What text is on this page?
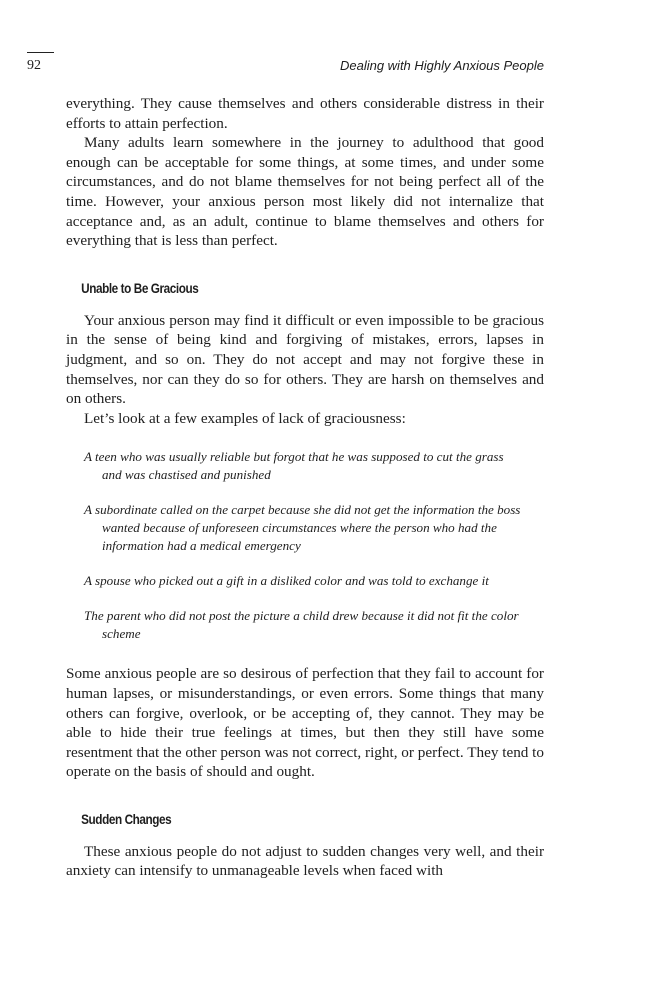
92	Dealing with Highly Anxious People

everything. They cause themselves and others considerable distress in their efforts to attain perfection.

Many adults learn somewhere in the journey to adulthood that good enough can be acceptable for some things, at some times, and under some circumstances, and do not blame themselves for not being perfect all of the time. However, your anxious person most likely did not internalize that acceptance and, as an adult, continue to blame themselves and others for everything that is less than perfect.

Unable to Be Gracious

Your anxious person may find it difficult or even impossible to be gracious in the sense of being kind and forgiving of mistakes, errors, lapses in judgment, and so on. They do not accept and may not forgive these in themselves, nor can they do so for others. They are harsh on themselves and on others.

Let’s look at a few examples of lack of graciousness:

A teen who was usually reliable but forgot that he was supposed to cut the grass and was chastised and punished
A subordinate called on the carpet because she did not get the information the boss wanted because of unforeseen circumstances where the person who had the information had a medical emergency
A spouse who picked out a gift in a disliked color and was told to exchange it
The parent who did not post the picture a child drew because it did not fit the color scheme

Some anxious people are so desirous of perfection that they fail to account for human lapses, or misunderstandings, or even errors. Some things that many others can forgive, overlook, or be accepting of, they cannot. They may be able to hide their true feelings at times, but then they still have some resentment that the other person was not correct, right, or perfect. They tend to operate on the basis of should and ought.

Sudden Changes

These anxious people do not adjust to sudden changes very well, and their anxiety can intensify to unmanageable levels when faced with
